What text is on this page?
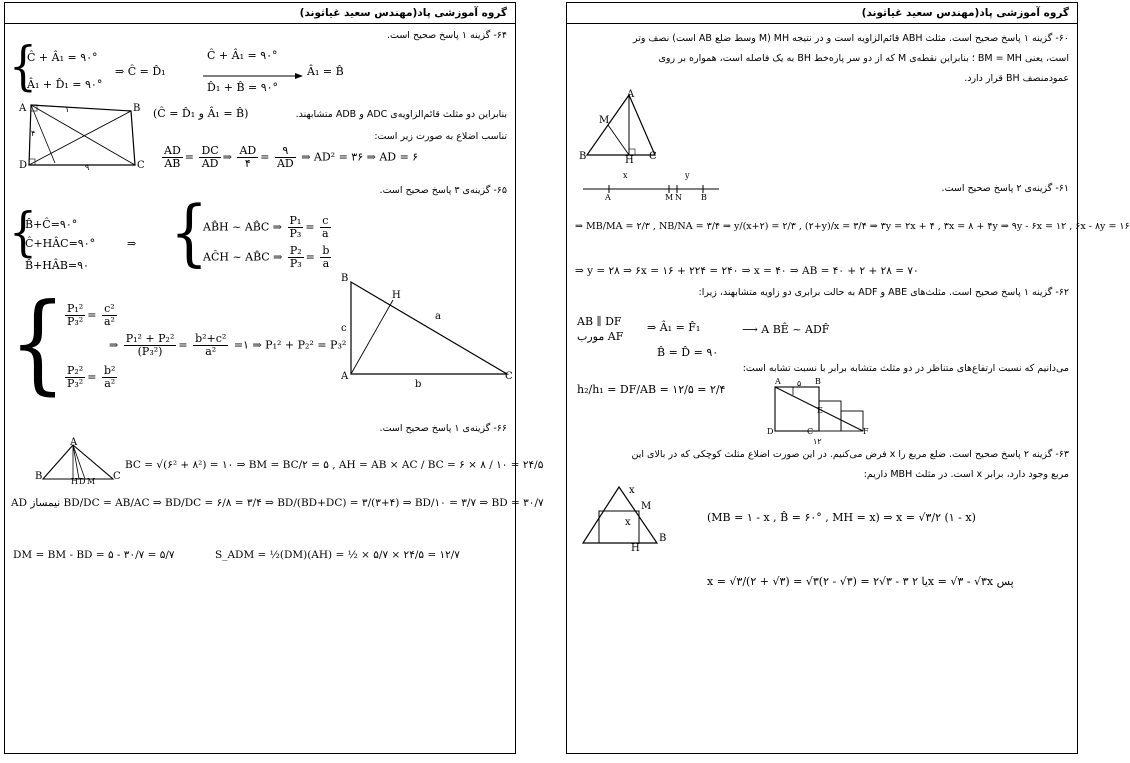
گروه آموزشی پاد(مهندس سعید غیاثوند)
۶۴- گزینه ۱ پاسخ صحیح است.
{
Ĉ + Â₁ = ۹۰°
Â₁ + D̂₁ = ۹۰°
⇒ Ĉ = D̂₁
Ĉ + Â₁ = ۹۰°
D̂₁ + B̂ = ۹۰°
Â₁ = B̂
A	B
C
D
۱
۴
۹
بنابراین دو مثلث قائم‌الزاویه‌ی ADC و ADB متشابهند.
(Ĉ = D̂₁ و Â₁ = B̂)
تناسب اضلاع به صورت زیر است:
$\frac{AD}{AB} = \frac{DC}{AD}$ ⇒ $\frac{AD}{۴} = \frac{۹}{AD}$ ⇒ AD² = ۳۶ ⇒ AD = ۶
۶۵- گزینه‌ی ۳ پاسخ صحیح است.
{
B̂+Ĉ=۹۰°
Ĉ+HÂC=۹۰°
B̂+HÂB=۹۰
⇒ {
AB̂H ~ AB̂C ⇒ $\frac{\text{P₁}}{\text{P₃}} = \frac{c}{a}$
AĈH ~ AB̂C ⇒ $\frac{\text{P₂}}{\text{P₃}} = \frac{b}{a}$
{
$\frac{\text{P₁²}}{\text{P₃²}} = \frac{\text{c²}}{\text{a²}}$
$\frac{\text{P₂²}}{\text{P₃²}} = \frac{\text{b²}}{\text{a²}}$
⇒ $\frac{\text{P₁² + P₂²}}{\text{(P₃²)}} = \frac{\text{b²+c²}}{\text{a²}}$ =۱ ⇒ P₁² + P₂² = P₃²
B
H
c
a
A
b
C
۶۶- گزینه‌ی ۱ پاسخ صحیح است.
A
B	H D M C
BC = √(۶² + ۸²) = ۱۰ ⇒ BM = BC/۲ = ۵ , AH = AB × AC / BC = ۶ × ۸ / ۱۰ = ۲۴/۵
AD نیمساز BD/DC = AB/AC ⇒ BD/DC = ۶/۸ = ۳/۴ ⇒ BD/(BD+DC) = ۳/(۳+۴) ⇒ BD/۱۰ = ۳/۷ ⇒ BD = ۳۰/۷
DM = BM - BD = ۵ - ۳۰/۷ = ۵/۷	S_ADM = ½(DM)(AH) = ½ × ۵/۷ × ۲۴/۵ = ۱۲/۷
گروه آموزشی پاد(مهندس سعید غیاثوند)
۶۰- گزینه ۱ پاسخ صحیح است. مثلث ABH قائم‌الزاویه است و در نتیجه MH (M وسط ضلع AB است) نصف وتر
است، یعنی BM = MH ؛ بنابراین نقطه‌ی M که از دو سر پاره‌خط BH به یک فاصله است، همواره بر روی
عمودمنصف BH قرار دارد.
A
M
B	H C
۶۱- گزینه‌ی ۲ پاسخ صحیح است.
A	M N B
x	y
⇒ MB/MA = ۲/۳ , NB/NA = ۳/۴ ⇒ y/(x+۲) = ۲/۳ , (۲+y)/x = ۳/۴ ⇒ ۳y = ۲x + ۴ , ۳x = ۸ + ۴y ⇒ ۹y - ۶x = ۱۲ , ۶x - ۸y = ۱۶
⇒ y = ۲۸ ⇒ ۶x = ۱۶ + ۲۲۴ = ۲۴۰ ⇒ x = ۴۰ ⇒ AB = ۴۰ + ۲ + ۲۸ = ۷۰
۶۲- گزینه ۱ پاسخ صحیح است. مثلث‌های ABE و ADF به حالت برابری دو زاویه متشابهند، زیرا:
AB ∥ DF
مورب AF
⇒ Â₁ = F̂₁
B̂ = D̂ = ۹۰
⟶ A BÊ ~ ADF̂
می‌دانیم که نسبت ارتفاع‌های متناظر در دو مثلث متشابه برابر با نسبت تشابه است:
h₂/h₁ = DF/AB = ۱۲/۵ = ۲/۴
A	B
D	C
E
F
۵
۱۲
۶۳- گزینه ۲ پاسخ صحیح است. ضلع مربع را x فرض می‌کنیم. در این صورت اضلاع مثلث کوچکی که در بالای این
مربع وجود دارد، برابر x است. در مثلث MBH داریم:
x
M
x
B
H
(MB = ۱ - x , B̂ = ۶۰° , MH = x) ⇒ x = √۳/۲ (۱ - x)
x = √۳/(۲ + √۳) = √۳(۲ - √۳) = ۲√۳ - ۳ یا ۲x = √۳ - √۳x پس
